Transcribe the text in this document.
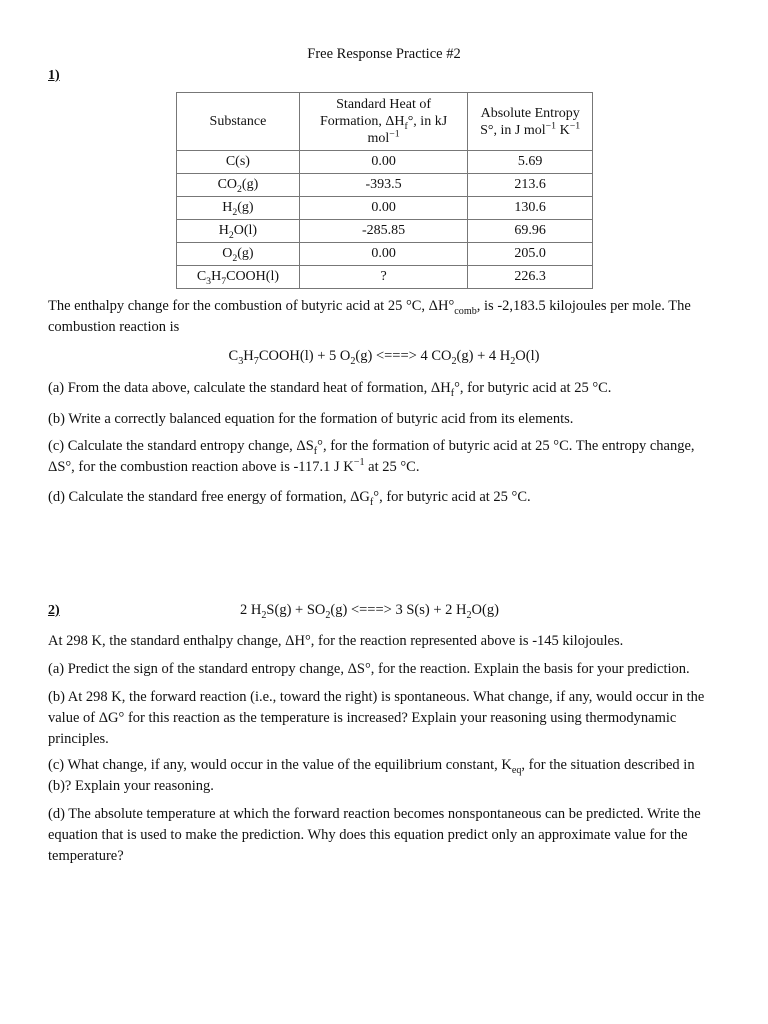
Free Response Practice #2
1)
Substance	Standard Heat of Formation, $\Delta H_f^\circ$, in kJ mol$^{-1}$	Absolute Entropy S°, in J mol$^{-1}$ $K^{-1}$
C(s)	0.00	5.69
$CO_2(g)$	-393.5	213.6
$H_2(g)$	0.00	130.6
$H_2O(l)$	-285.85	69.96
$O_2(g)$	0.00	205.0
$C_3H_7COOH(l)$	?	226.3
The enthalpy change for the combustion of butyric acid at 25 °C, $\Delta H^\circ_{comb}$, is -2,183.5 kilojoules per mole. The combustion reaction is
$C_3H_7COOH(l) + 5$ $O_2(g)$ <===> 4 $CO_2(g) + 4$ $H_2O(l)$
(a) From the data above, calculate the standard heat of formation, $\Delta H_f^\circ$, for butyric acid at 25 °C.
(b) Write a correctly balanced equation for the formation of butyric acid from its elements.
(c) Calculate the standard entropy change, $\Delta S_f^\circ$, for the formation of butyric acid at 25 °C. The entropy change, ΔS°, for the combustion reaction above is -117.1 J $K^{-1}$ at 25 °C.
(d) Calculate the standard free energy of formation, $\Delta G_f^\circ$, for butyric acid at 25 °C.
2)	2 $H_2S(g) + SO_2(g)$ <===> 3 S(s) + 2 $H_2O(g)$
At 298 K, the standard enthalpy change, ΔH°, for the reaction represented above is -145 kilojoules.
(a) Predict the sign of the standard entropy change, ΔS°, for the reaction. Explain the basis for your prediction.
(b) At 298 K, the forward reaction (i.e., toward the right) is spontaneous. What change, if any, would occur in the value of ΔG° for this reaction as the temperature is increased? Explain your reasoning using thermodynamic principles.
(c) What change, if any, would occur in the value of the equilibrium constant, $K_{eq}$, for the situation described in (b)? Explain your reasoning.
(d) The absolute temperature at which the forward reaction becomes nonspontaneous can be predicted. Write the equation that is used to make the prediction. Why does this equation predict only an approximate value for the temperature?
